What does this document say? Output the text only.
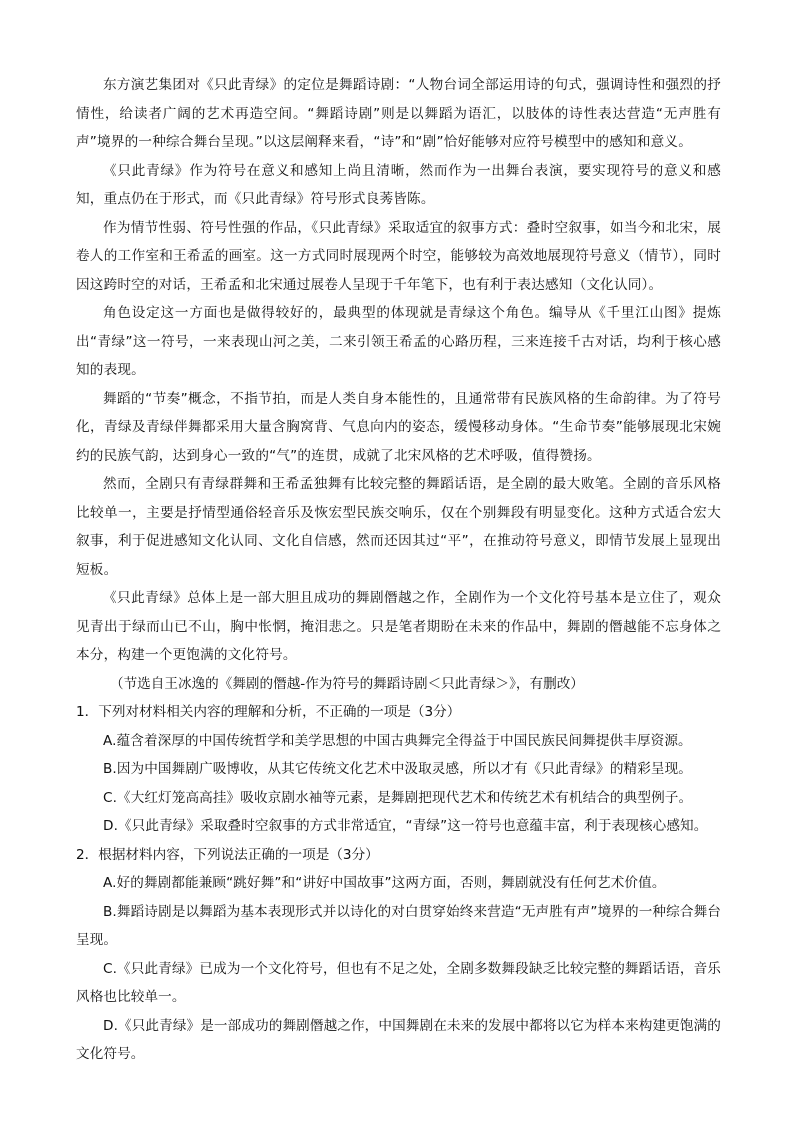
东方演艺集团对《只此青绿》的定位是舞蹈诗剧：“人物台词全部运用诗的句式，强调诗性和强烈的抒情性，给读者广阔的艺术再造空间。“舞蹈诗剧”则是以舞蹈为语汇，以肢体的诗性表达营造“无声胜有声”境界的一种综合舞台呈现。”以这层阐释来看，“诗”和“剧”恰好能够对应符号模型中的感知和意义。

《只此青绿》作为符号在意义和感知上尚且清晰，然而作为一出舞台表演，要实现符号的意义和感知，重点仍在于形式，而《只此青绿》符号形式良莠皆陈。

作为情节性弱、符号性强的作品，《只此青绿》采取适宜的叙事方式：叠时空叙事，如当今和北宋，展卷人的工作室和王希孟的画室。这一方式同时展现两个时空，能够较为高效地展现符号意义（情节），同时因这跨时空的对话，王希孟和北宋通过展卷人呈现于千年笔下，也有利于表达感知（文化认同）。

角色设定这一方面也是做得较好的，最典型的体现就是青绿这个角色。编导从《千里江山图》提炼出“青绿”这一符号，一来表现山河之美，二来引领王希孟的心路历程，三来连接千古对话，均利于核心感知的表现。

舞蹈的“节奏”概念，不指节拍，而是人类自身本能性的，且通常带有民族风格的生命韵律。为了符号化，青绿及青绿伴舞都采用大量含胸窝背、气息向内的姿态，缓慢移动身体。“生命节奏”能够展现北宋婉约的民族气韵，达到身心一致的“气”的连贯，成就了北宋风格的艺术呼吸，值得赞扬。

然而，全剧只有青绿群舞和王希孟独舞有比较完整的舞蹈话语，是全剧的最大败笔。全剧的音乐风格比较单一，主要是抒情型通俗轻音乐及恢宏型民族交响乐，仅在个别舞段有明显变化。这种方式适合宏大叙事，利于促进感知文化认同、文化自信感，然而还因其过“平”，在推动符号意义，即情节发展上显现出短板。

《只此青绿》总体上是一部大胆且成功的舞剧僭越之作，全剧作为一个文化符号基本是立住了，观众见青出于绿而山已不山，胸中怅惘，掩泪悲之。只是笔者期盼在未来的作品中，舞剧的僭越能不忘身体之本分，构建一个更饱满的文化符号。

（节选自王冰逸的《舞剧的僭越-作为符号的舞蹈诗剧＜只此青绿＞》，有删改）

1．下列对材料相关内容的理解和分析，不正确的一项是（3分）

A.蕴含着深厚的中国传统哲学和美学思想的中国古典舞完全得益于中国民族民间舞提供丰厚资源。

B.因为中国舞剧广吸博收，从其它传统文化艺术中汲取灵感，所以才有《只此青绿》的精彩呈现。

C.《大红灯笼高高挂》吸收京剧水袖等元素，是舞剧把现代艺术和传统艺术有机结合的典型例子。

D.《只此青绿》采取叠时空叙事的方式非常适宜，“青绿”这一符号也意蕴丰富，利于表现核心感知。

2．根据材料内容，下列说法正确的一项是（3分）

A.好的舞剧都能兼顾“跳好舞”和“讲好中国故事”这两方面，否则，舞剧就没有任何艺术价值。

B.舞蹈诗剧是以舞蹈为基本表现形式并以诗化的对白贯穿始终来营造“无声胜有声”境界的一种综合舞台呈现。

C.《只此青绿》已成为一个文化符号，但也有不足之处，全剧多数舞段缺乏比较完整的舞蹈话语，音乐风格也比较单一。

D.《只此青绿》是一部成功的舞剧僭越之作，中国舞剧在未来的发展中都将以它为样本来构建更饱满的文化符号。
